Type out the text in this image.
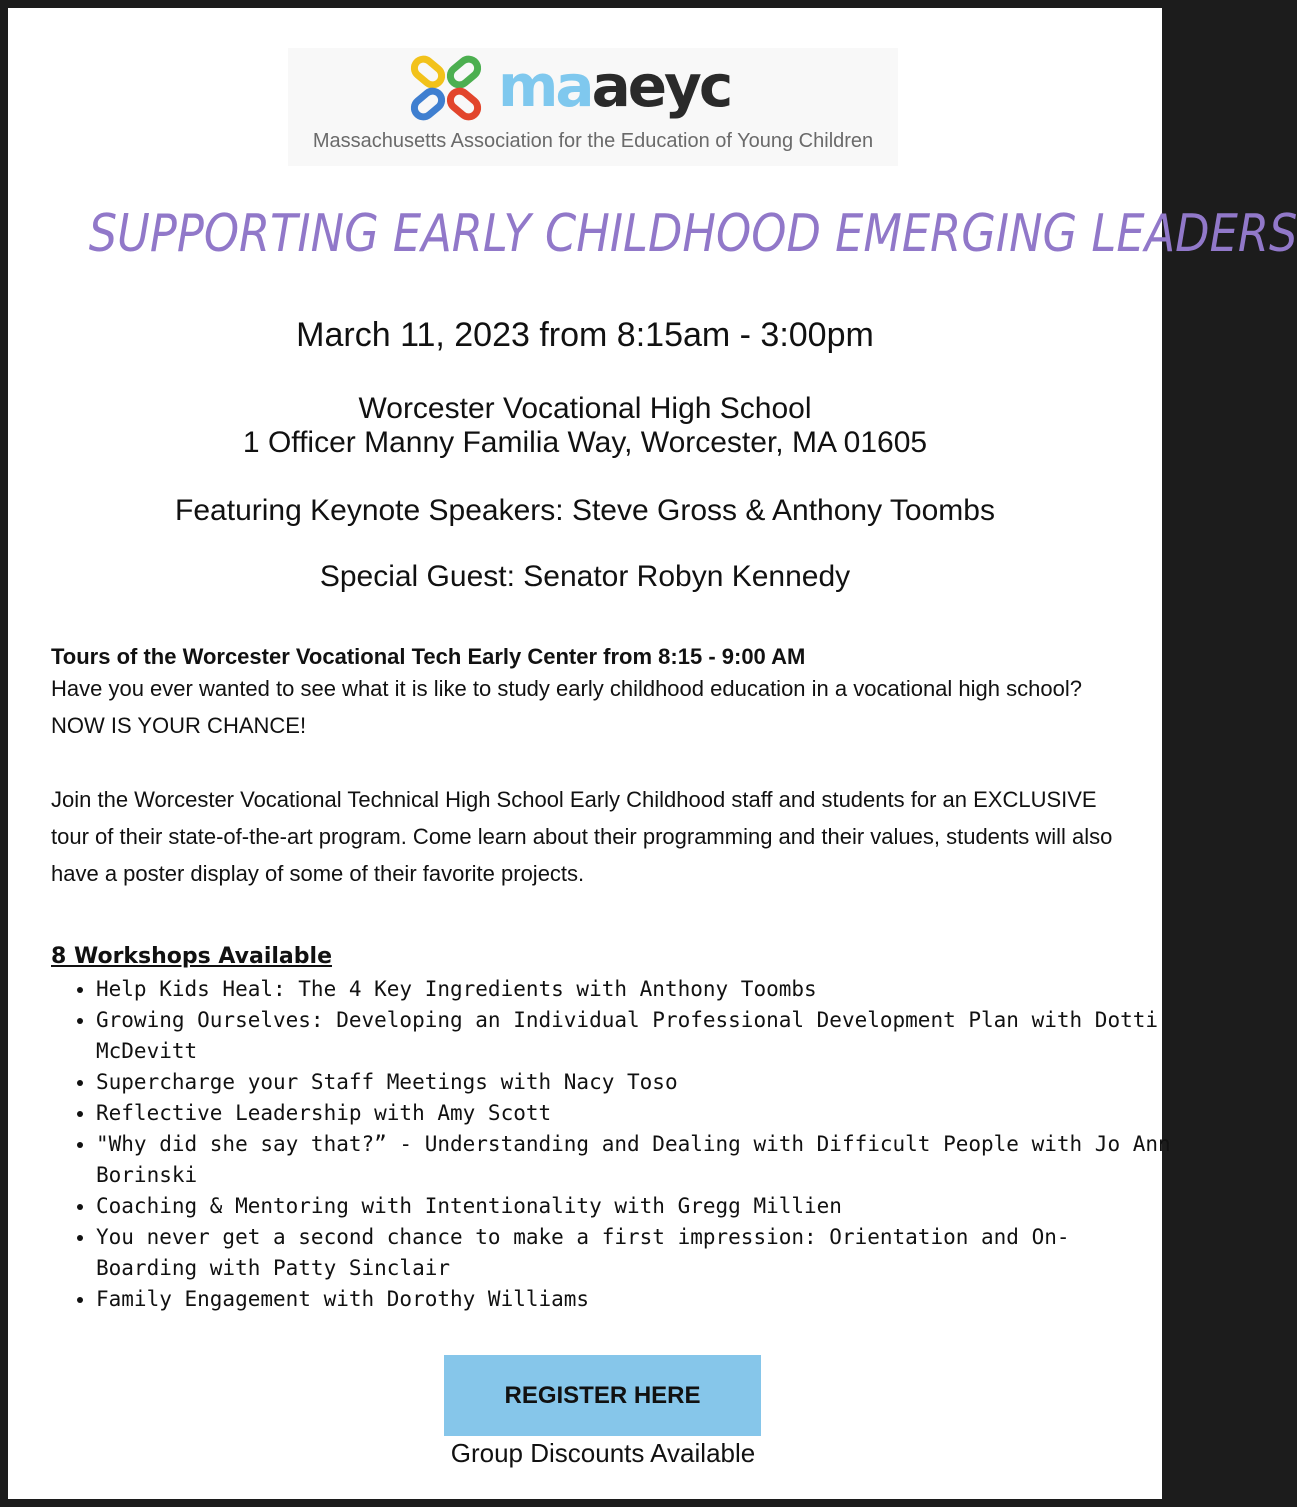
maaeyc
Massachusetts Association for the Education of Young Children
SUPPORTING EARLY CHILDHOOD EMERGING LEADERS
March 11, 2023 from 8:15am - 3:00pm
Worcester Vocational High School
1 Officer Manny Familia Way, Worcester, MA 01605
Featuring Keynote Speakers: Steve Gross & Anthony Toombs
Special Guest: Senator Robyn Kennedy
Tours of the Worcester Vocational Tech Early Center from 8:15 - 9:00 AM
Have you ever wanted to see what it is like to study early childhood education in a vocational high school? NOW IS YOUR CHANCE!
Join the Worcester Vocational Technical High School Early Childhood staff and students for an EXCLUSIVE tour of their state-of-the-art program. Come learn about their programming and their values, students will also have a poster display of some of their favorite projects.
8 Workshops Available
• Help Kids Heal: The 4 Key Ingredients with Anthony Toombs
• Growing Ourselves: Developing an Individual Professional Development Plan with Dotti McDevitt
• Supercharge your Staff Meetings with Nacy Toso
• Reflective Leadership with Amy Scott
• "Why did she say that?” - Understanding and Dealing with Difficult People with Jo Ann Borinski
• Coaching & Mentoring with Intentionality with Gregg Millien
• You never get a second chance to make a first impression: Orientation and On- Boarding with Patty Sinclair
• Family Engagement with Dorothy Williams
REGISTER HERE
Group Discounts Available
